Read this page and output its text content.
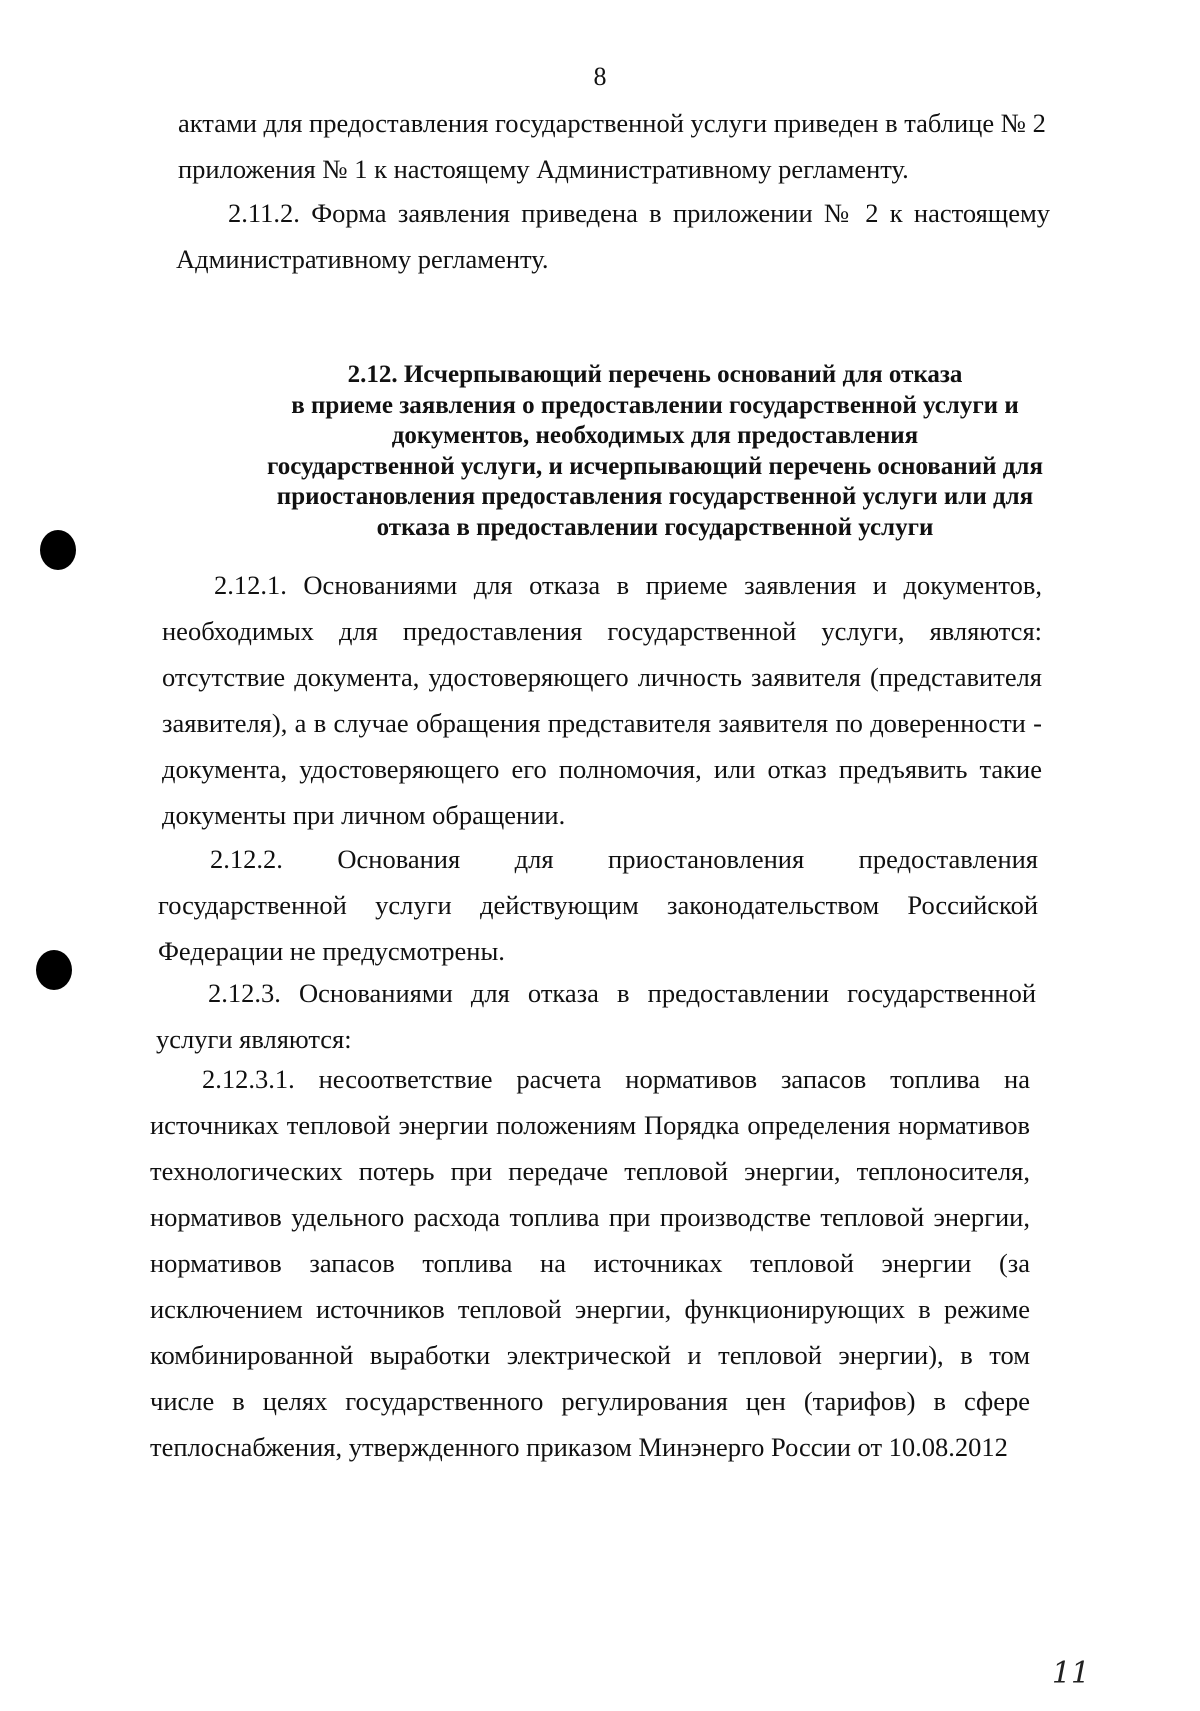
8
актами для предоставления государственной услуги приведен в таблице № 2
приложения № 1 к настоящему Административному регламенту.

2.11.2. Форма заявления приведена в приложении № 2 к настоящему Административному регламенту.

2.12. Исчерпывающий перечень оснований для отказа
в приеме заявления о предоставлении государственной услуги и
документов, необходимых для предоставления
государственной услуги, и исчерпывающий перечень оснований для
приостановления предоставления государственной услуги или для
отказа в предоставлении государственной услуги

2.12.1. Основаниями для отказа в приеме заявления и документов, необходимых для предоставления государственной услуги, являются: отсутствие документа, удостоверяющего личность заявителя (представителя заявителя), а в случае обращения представителя заявителя по доверенности - документа, удостоверяющего его полномочия, или отказ предъявить такие документы при личном обращении.

2.12.2. Основания для приостановления предоставления государственной услуги действующим законодательством Российской Федерации не предусмотрены.

2.12.3. Основаниями для отказа в предоставлении государственной услуги являются:

2.12.3.1. несоответствие расчета нормативов запасов топлива на источниках тепловой энергии положениям Порядка определения нормативов технологических потерь при передаче тепловой энергии, теплоносителя, нормативов удельного расхода топлива при производстве тепловой энергии, нормативов запасов топлива на источниках тепловой энергии (за исключением источников тепловой энергии, функционирующих в режиме комбинированной выработки электрической и тепловой энергии), в том числе в целях государственного регулирования цен (тарифов) в сфере теплоснабжения, утвержденного приказом Минэнерго России от 10.08.2012

11
